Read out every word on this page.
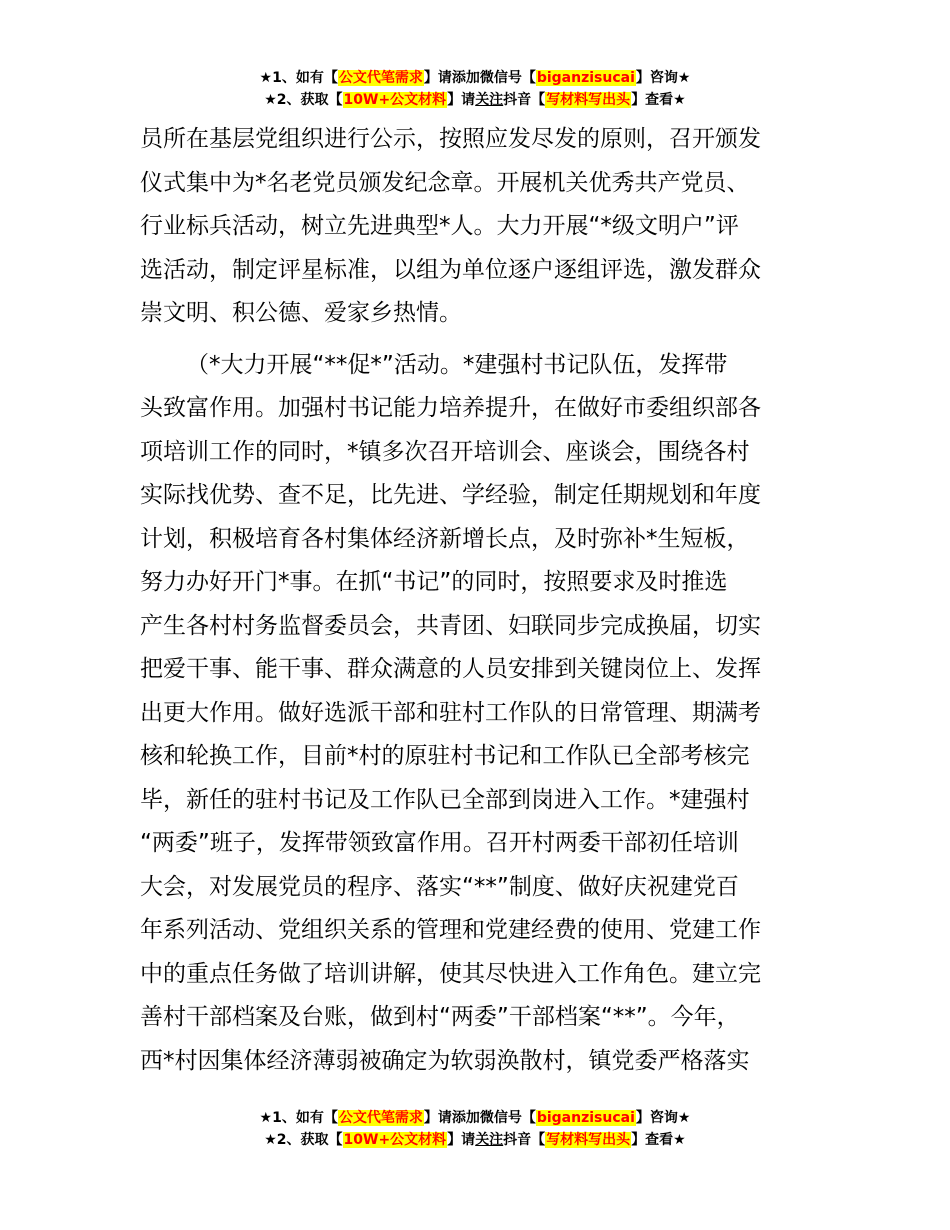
★1、如有【公文代笔需求】请添加微信号【biganzisucai】咨询★
★2、获取【10W+公文材料】请关注抖音【写材料写出头】查看★
员所在基层党组织进行公示，按照应发尽发的原则，召开颁发
仪式集中为*名老党员颁发纪念章。开展机关优秀共产党员、
行业标兵活动，树立先进典型*人。大力开展“*级文明户”评
选活动，制定评星标准，以组为单位逐户逐组评选，激发群众
崇文明、积公德、爱家乡热情。
（*大力开展“**促*”活动。*建强村书记队伍，发挥带
头致富作用。加强村书记能力培养提升，在做好市委组织部各
项培训工作的同时，*镇多次召开培训会、座谈会，围绕各村
实际找优势、查不足，比先进、学经验，制定任期规划和年度
计划，积极培育各村集体经济新增长点，及时弥补*生短板，
努力办好开门*事。在抓“书记”的同时，按照要求及时推选
产生各村村务监督委员会，共青团、妇联同步完成换届，切实
把爱干事、能干事、群众满意的人员安排到关键岗位上、发挥
出更大作用。做好选派干部和驻村工作队的日常管理、期满考
核和轮换工作，目前*村的原驻村书记和工作队已全部考核完
毕，新任的驻村书记及工作队已全部到岗进入工作。*建强村
“两委”班子，发挥带领致富作用。召开村两委干部初任培训
大会，对发展党员的程序、落实“**”制度、做好庆祝建党百
年系列活动、党组织关系的管理和党建经费的使用、党建工作
中的重点任务做了培训讲解，使其尽快进入工作角色。建立完
善村干部档案及台账，做到村“两委”干部档案“**”。今年，
西*村因集体经济薄弱被确定为软弱涣散村，镇党委严格落实
★1、如有【公文代笔需求】请添加微信号【biganzisucai】咨询★
★2、获取【10W+公文材料】请关注抖音【写材料写出头】查看★
